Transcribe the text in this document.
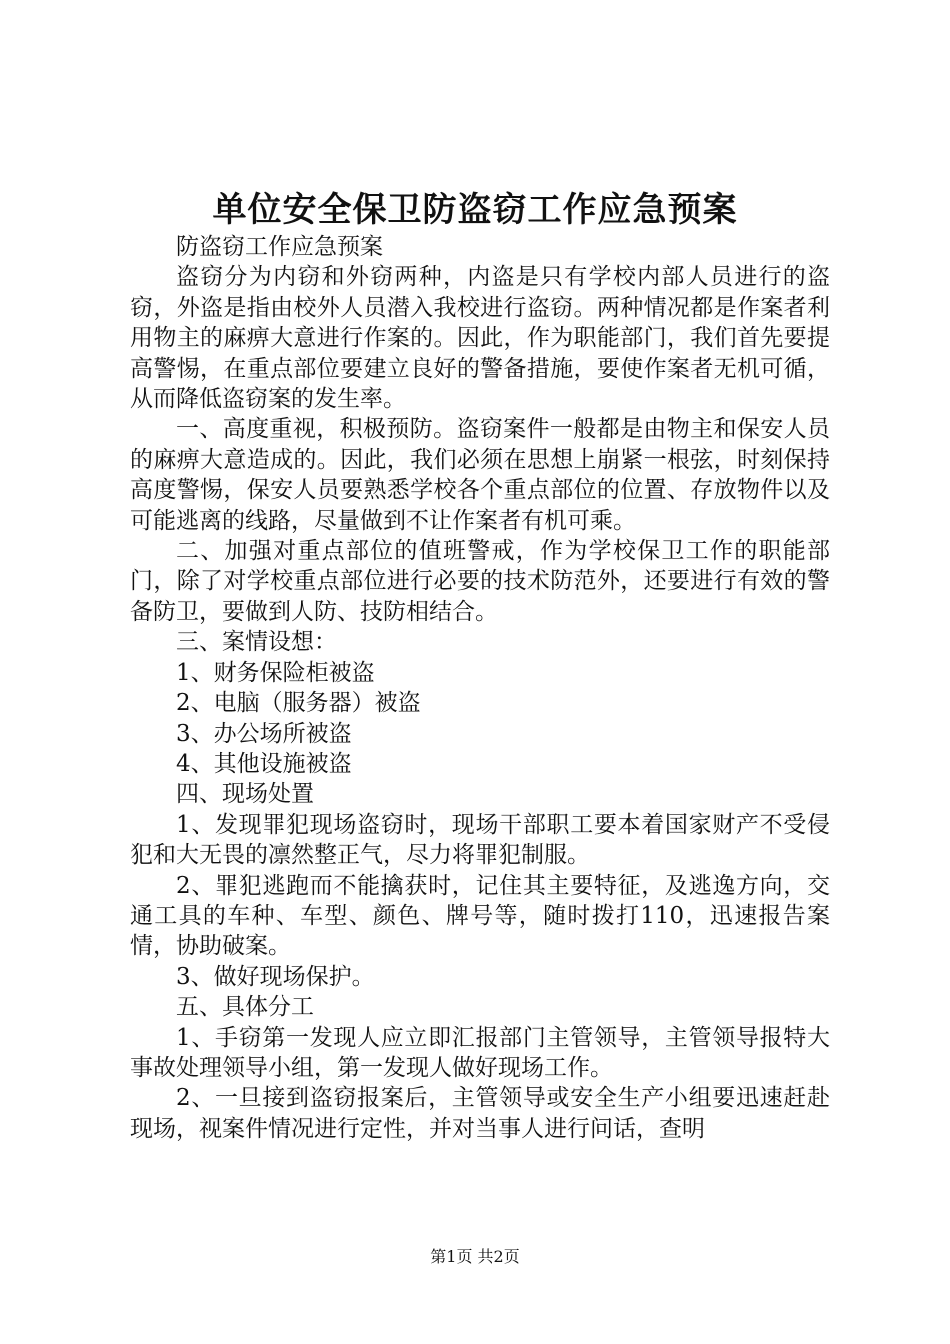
单位安全保卫防盗窃工作应急预案

防盗窃工作应急预案

盗窃分为内窃和外窃两种，内盗是只有学校内部人员进行的盗窃，外盗是指由校外人员潜入我校进行盗窃。两种情况都是作案者利用物主的麻痹大意进行作案的。因此，作为职能部门，我们首先要提高警惕，在重点部位要建立良好的警备措施，要使作案者无机可循，从而降低盗窃案的发生率。

一、高度重视，积极预防。盗窃案件一般都是由物主和保安人员的麻痹大意造成的。因此，我们必须在思想上崩紧一根弦，时刻保持高度警惕，保安人员要熟悉学校各个重点部位的位置、存放物件以及可能逃离的线路，尽量做到不让作案者有机可乘。

二、加强对重点部位的值班警戒，作为学校保卫工作的职能部门，除了对学校重点部位进行必要的技术防范外，还要进行有效的警备防卫，要做到人防、技防相结合。

三、案情设想：

1、财务保险柜被盗

2、电脑（服务器）被盗

3、办公场所被盗

4、其他设施被盗

四、现场处置

1、发现罪犯现场盗窃时，现场干部职工要本着国家财产不受侵犯和大无畏的凛然整正气，尽力将罪犯制服。

2、罪犯逃跑而不能擒获时，记住其主要特征，及逃逸方向，交通工具的车种、车型、颜色、牌号等，随时拨打110，迅速报告案情，协助破案。

3、做好现场保护。

五、具体分工

1、手窃第一发现人应立即汇报部门主管领导，主管领导报特大事故处理领导小组，第一发现人做好现场工作。

2、一旦接到盗窃报案后，主管领导或安全生产小组要迅速赶赴现场，视案件情况进行定性，并对当事人进行问话，查明

第1页 共2页
